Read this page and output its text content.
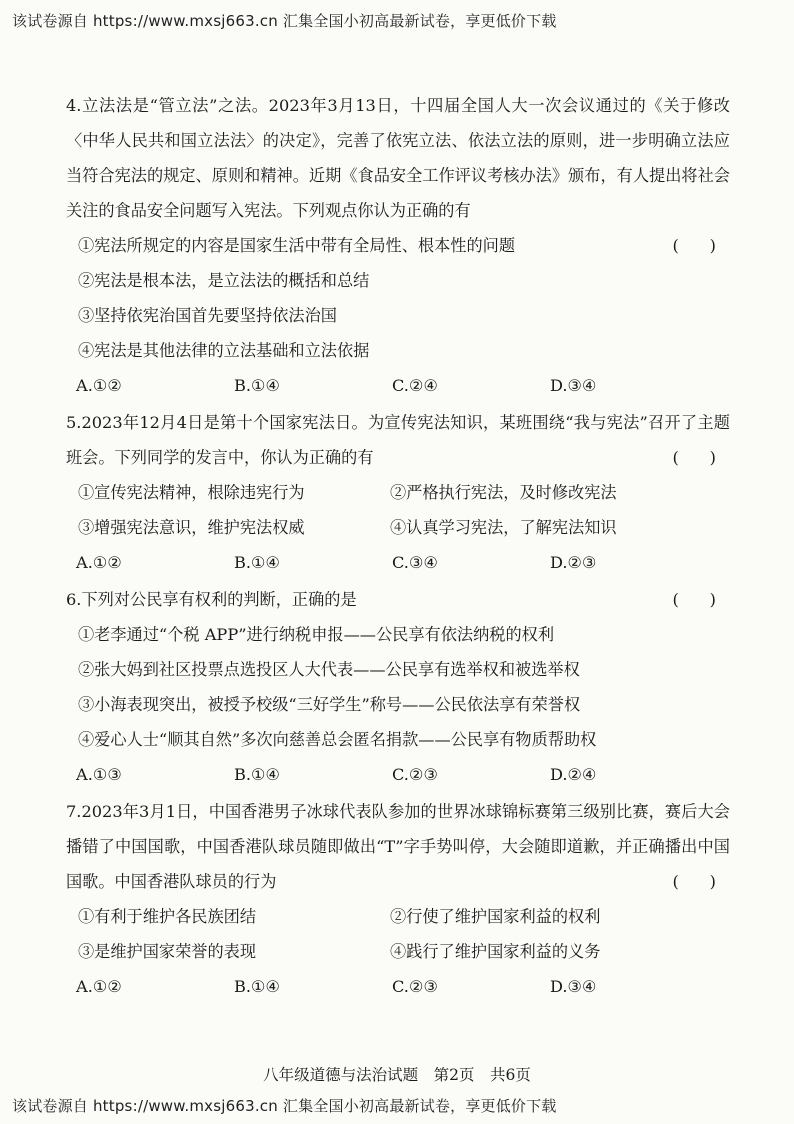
该试卷源自 https://www.mxsj663.cn 汇集全国小初高最新试卷，享更低价下载
4.立法法是“管立法”之法。2023年3月13日，十四届全国人大一次会议通过的《关于修改〈中华人民共和国立法法〉的决定》，完善了依宪立法、依法立法的原则，进一步明确立法应当符合宪法的规定、原则和精神。近期《食品安全工作评议考核办法》颁布，有人提出将社会关注的食品安全问题写入宪法。下列观点你认为正确的有
(      )
①宪法所规定的内容是国家生活中带有全局性、根本性的问题
②宪法是根本法，是立法法的概括和总结
③坚持依宪治国首先要坚持依法治国
④宪法是其他法律的立法基础和立法依据
A.①②	B.①④	C.②④	D.③④
5.2023年12月4日是第十个国家宪法日。为宣传宪法知识，某班围绕“我与宪法”召开了主题班会。下列同学的发言中，你认为正确的有	(      )
①宣传宪法精神，根除违宪行为	②严格执行宪法，及时修改宪法
③增强宪法意识，维护宪法权威	④认真学习宪法，了解宪法知识
A.①②	B.①④	C.③④	D.②③
6.下列对公民享有权利的判断，正确的是	(      )
①老李通过“个税 APP”进行纳税申报——公民享有依法纳税的权利
②张大妈到社区投票点选投区人大代表——公民享有选举权和被选举权
③小海表现突出，被授予校级“三好学生”称号——公民依法享有荣誉权
④爱心人士“顺其自然”多次向慈善总会匿名捐款——公民享有物质帮助权
A.①③	B.①④	C.②③	D.②④
7.2023年3月1日，中国香港男子冰球代表队参加的世界冰球锦标赛第三级别比赛，赛后大会播错了中国国歌，中国香港队球员随即做出“T”字手势叫停，大会随即道歉，并正确播出中国国歌。中国香港队球员的行为	(      )
①有利于维护各民族团结	②行使了维护国家利益的权利
③是维护国家荣誉的表现	④践行了维护国家利益的义务
A.①②	B.①④	C.②③	D.③④
八年级道德与法治试题　第2页　共6页
该试卷源自 https://www.mxsj663.cn 汇集全国小初高最新试卷，享更低价下载
